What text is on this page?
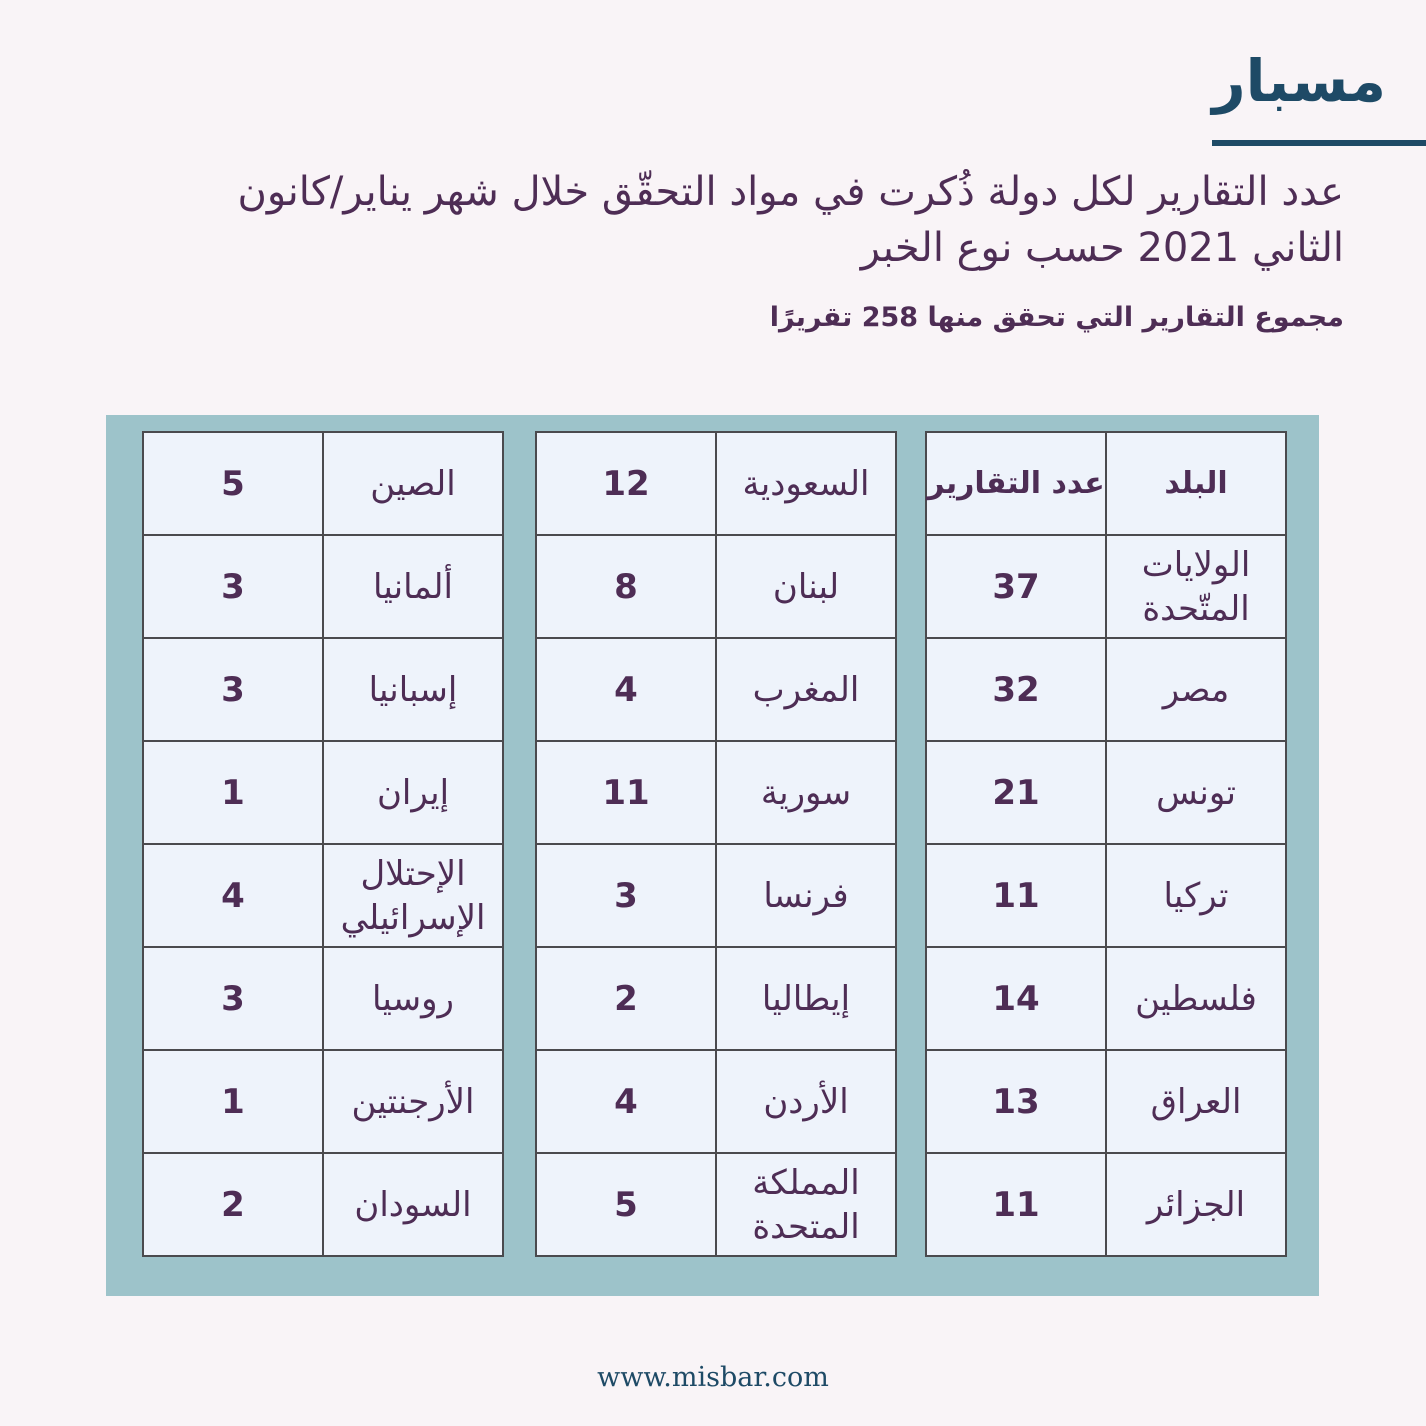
مسبار
عدد التقارير لكل دولة ذُكرت في مواد التحقّق خلال شهر يناير/كانون الثاني 2021 حسب نوع الخبر
مجموع التقارير التي تحقق منها 258 تقريرًا
البلد	عدد التقارير
الولايات المتّحدة	37
مصر	32
تونس	21
تركيا	11
فلسطين	14
العراق	13
الجزائر	11
السعودية	12
لبنان	8
المغرب	4
سورية	11
فرنسا	3
إيطاليا	2
الأردن	4
المملكة المتحدة	5
الصين	5
ألمانيا	3
إسبانيا	3
إيران	1
الإحتلال الإسرائيلي	4
روسيا	3
الأرجنتين	1
السودان	2
www.misbar.com
